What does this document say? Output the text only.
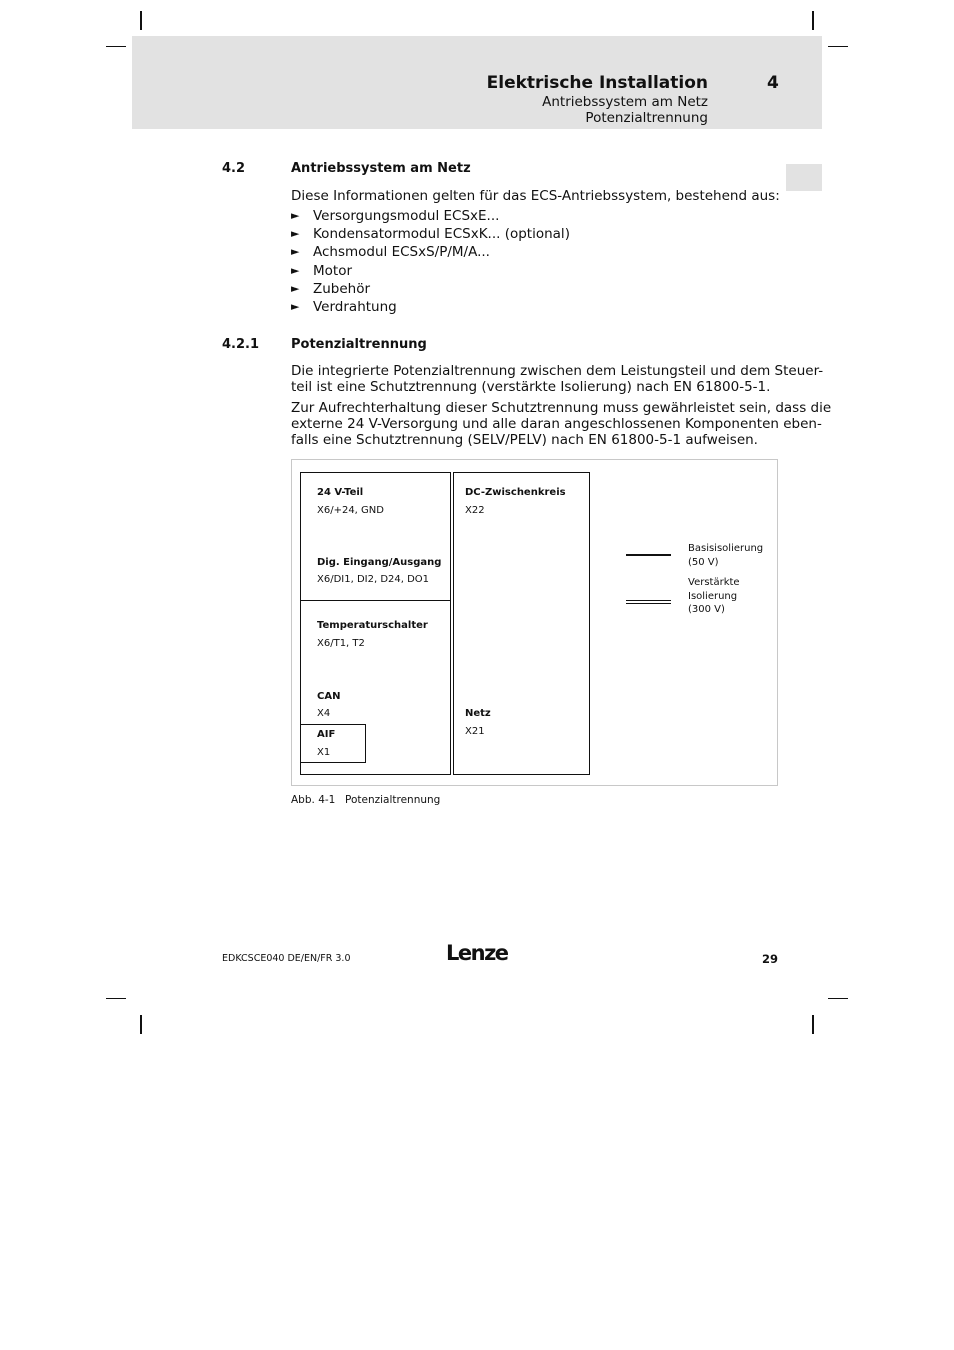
Elektrische Installation	4
Antriebssystem am Netz
Potenzialtrennung
4.2	Antriebssystem am Netz
Diese Informationen gelten für das ECS-Antriebssystem, bestehend aus:
► Versorgungsmodul ECSxE...
► Kondensatormodul ECSxK... (optional)
► Achsmodul ECSxS/P/M/A...
► Motor
► Zubehör
► Verdrahtung
4.2.1 Potenzialtrennung
Die integrierte Potenzialtrennung zwischen dem Leistungsteil und dem Steuer-
teil ist eine Schutztrennung (verstärkte Isolierung) nach EN 61800-5-1.
Zur Aufrechterhaltung dieser Schutztrennung muss gewährleistet sein, dass die
externe 24 V-Versorgung und alle daran angeschlossenen Komponenten eben-
falls eine Schutztrennung (SELV/PELV) nach EN 61800-5-1 aufweisen.
24 V-Teil
X6/+24, GND
Dig. Eingang/Ausgang
X6/DI1, DI2, D24, DO1
Temperaturschalter
X6/T1, T2
CAN
X4
AIF
X1
DC-Zwischenkreis
X22
Netz
X21
Basisisolierung
(50 V)
Verstärkte
Isolierung
(300 V)
Abb. 4-1 Potenzialtrennung
EDKCSCE040 DE/EN/FR 3.0	Lenze	29
